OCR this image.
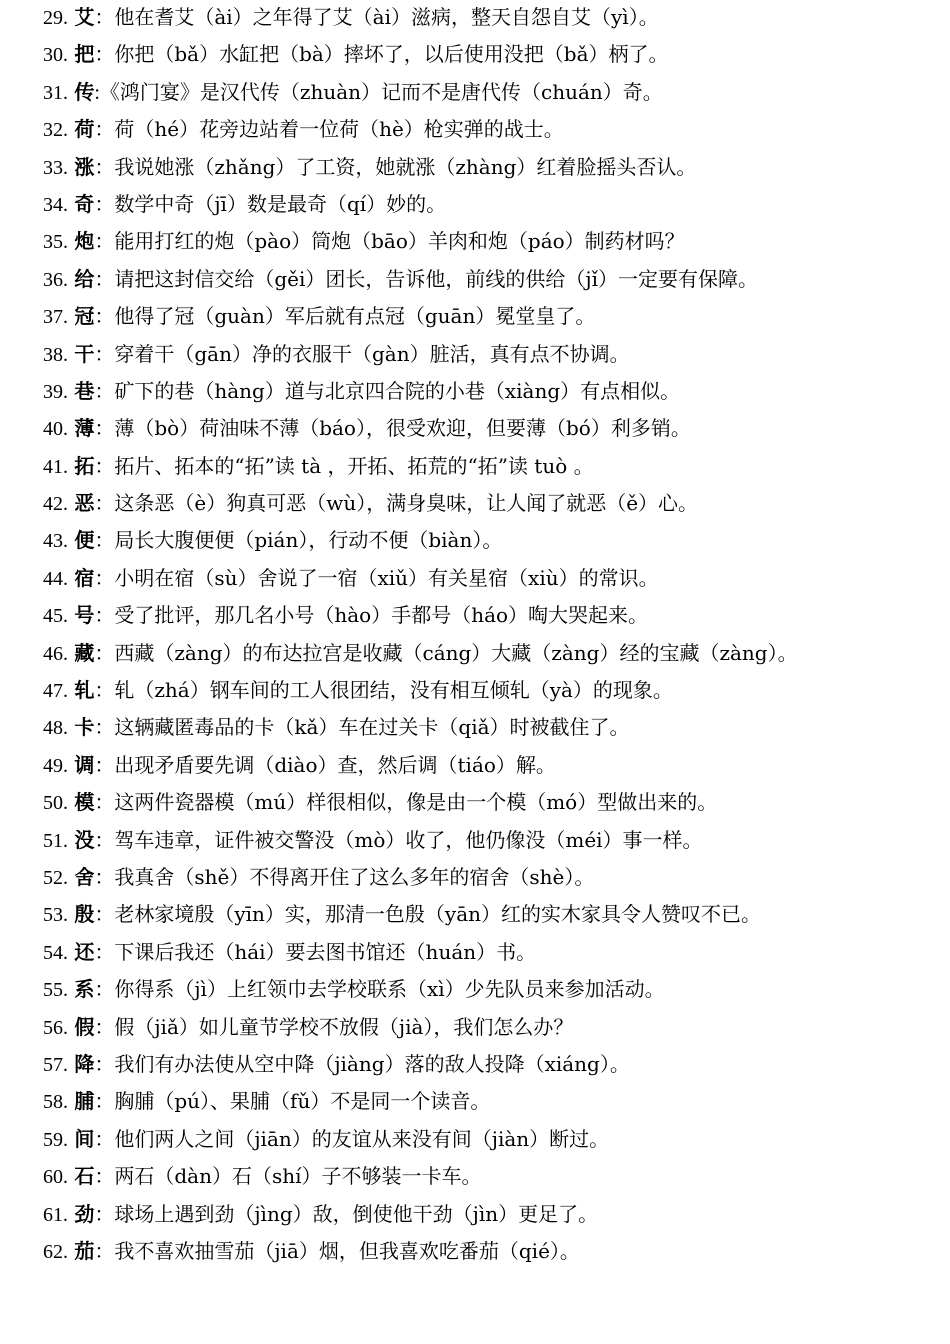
29. 艾：他在耆艾（ài）之年得了艾（ài）滋病，整天自怨自艾（yì）。
30. 把：你把（bǎ）水缸把（bà）摔坏了，以后使用没把（bǎ）柄了。
31. 传:《鸿门宴》是汉代传（zhuàn）记而不是唐代传（chuán）奇。
32. 荷：荷（hé）花旁边站着一位荷（hè）枪实弹的战士。
33. 涨：我说她涨（zhǎng）了工资，她就涨（zhàng）红着脸摇头否认。
34. 奇：数学中奇（jī）数是最奇（qí）妙的。
35. 炮：能用打红的炮（pào）筒炮（bāo）羊肉和炮（páo）制药材吗？
36. 给：请把这封信交给（gěi）团长，告诉他，前线的供给（jǐ）一定要有保障。
37. 冠：他得了冠（guàn）军后就有点冠（guān）冕堂皇了。
38. 干：穿着干（gān）净的衣服干（gàn）脏活，真有点不协调。
39. 巷：矿下的巷（hàng）道与北京四合院的小巷（xiàng）有点相似。
40. 薄：薄（bò）荷油味不薄（báo），很受欢迎，但要薄（bó）利多销。
41. 拓：拓片、拓本的“拓”读 tà ，开拓、拓荒的“拓”读 tuò 。
42. 恶：这条恶（è）狗真可恶（wù），满身臭味，让人闻了就恶（ě）心。
43. 便：局长大腹便便（pián），行动不便（biàn）。
44. 宿：小明在宿（sù）舍说了一宿（xiǔ）有关星宿（xiù）的常识。
45. 号：受了批评，那几名小号（hào）手都号（háo）啕大哭起来。
46. 藏：西藏（zàng）的布达拉宫是收藏（cáng）大藏（zàng）经的宝藏（zàng）。
47. 轧：轧（zhá）钢车间的工人很团结，没有相互倾轧（yà）的现象。
48. 卡：这辆藏匿毒品的卡（kǎ）车在过关卡（qiǎ）时被截住了。
49. 调：出现矛盾要先调（diào）查，然后调（tiáo）解。
50. 模：这两件瓷器模（mú）样很相似，像是由一个模（mó）型做出来的。
51. 没：驾车违章，证件被交警没（mò）收了，他仍像没（méi）事一样。
52. 舍：我真舍（shě）不得离开住了这么多年的宿舍（shè）。
53. 殷：老林家境殷（yīn）实，那清一色殷（yān）红的实木家具令人赞叹不已。
54. 还：下课后我还（hái）要去图书馆还（huán）书。
55. 系：你得系（jì）上红领巾去学校联系（xì）少先队员来参加活动。
56. 假：假（jiǎ）如儿童节学校不放假（jià），我们怎么办？
57. 降：我们有办法使从空中降（jiàng）落的敌人投降（xiáng）。
58. 脯：胸脯（pú）、果脯（fǔ）不是同一个读音。
59. 间：他们两人之间（jiān）的友谊从来没有间（jiàn）断过。
60. 石：两石（dàn）石（shí）子不够装一卡车。
61. 劲：球场上遇到劲（jìng）敌，倒使他干劲（jìn）更足了。
62. 茄：我不喜欢抽雪茄（jiā）烟，但我喜欢吃番茄（qié）。
